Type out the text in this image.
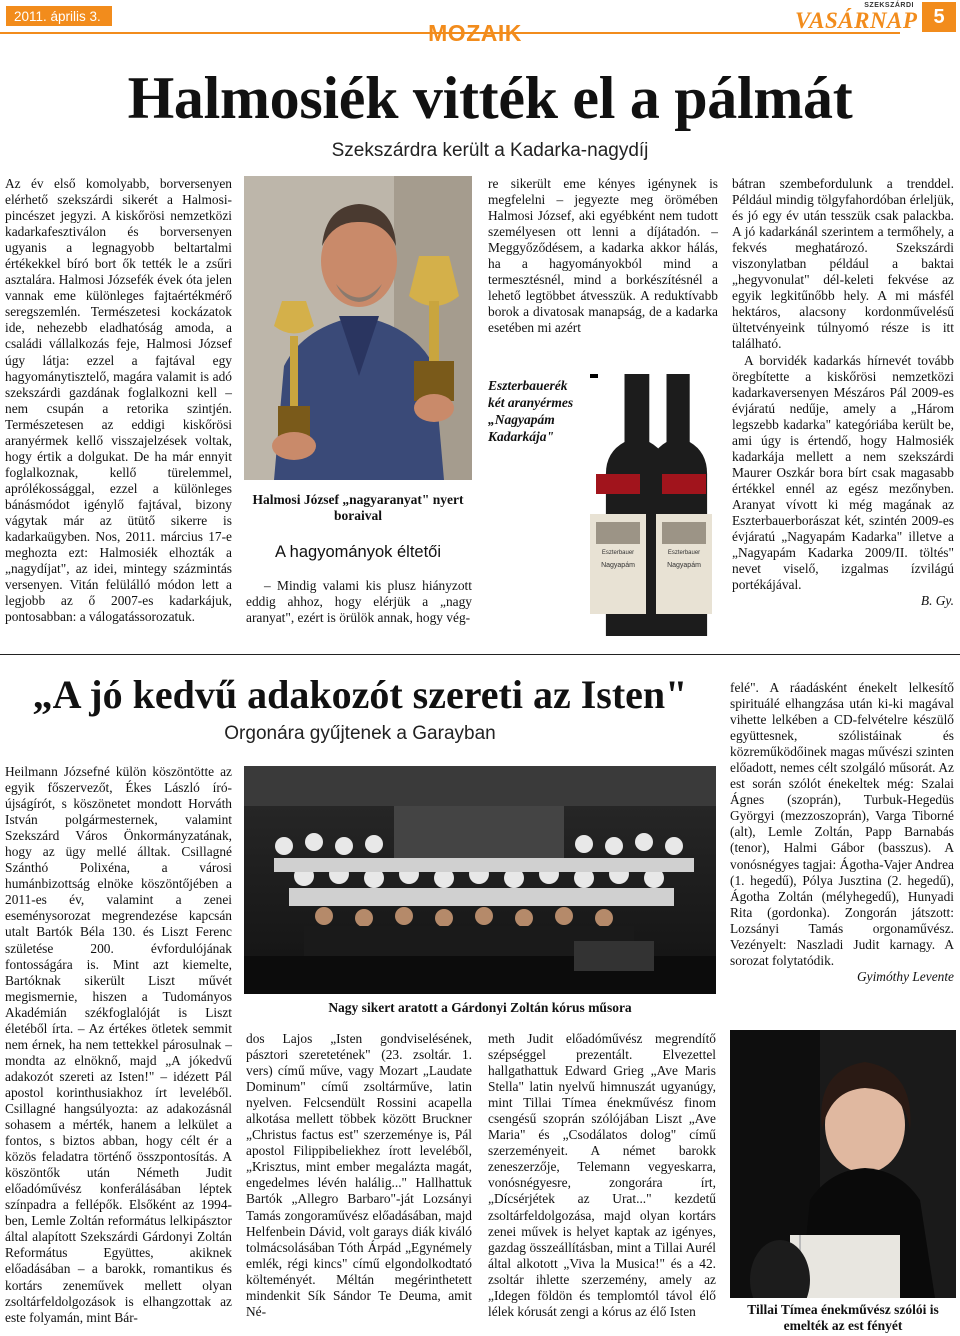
2011. április 3.
MOZAIK
SZEKSZÁRDI
VASÁRNAP 5
Halmosiék vitték el a pálmát
Szekszárdra került a Kadarka-nagydíj

Az év első komolyabb, borversenyen elérhető szekszárdi sikerét a Halmosi-pincészet jegyzi. A kiskőrösi nemzetközi kadarkafesztiválon és borversenyen ugyanis a legnagyobb beltartalmi értékekkel bíró bort ők tették le a zsűri asztalára. Halmosi Józsefék évek óta jelen vannak eme különleges fajtaértékmérő seregszemlén. Természetesi kockázatok ide, nehezebb eladhatóság amoda, a családi vállalkozás feje, Halmosi József úgy látja: ezzel a fajtával egy hagyománytisztelő, magára valamit is adó szekszárdi gazdának foglalkozni kell – nem csupán a retorika szintjén. Természetesen az eddigi kiskőrösi aranyérmek kellő visszajelzések voltak, hogy értik a dolgukat. De ha már ennyit foglalkoznak, kellő türelemmel, aprólékossággal, ezzel a különleges bánásmódot igénylő fajtával, bizony vágytak már az ütütő sikerre is kadarkaügyben. Nos, 2011. március 17-e meghozta ezt: Halmosiék elhozták a „nagydíjat", az idei, mintegy százmintás versenyen. Vitán felülálló módon lett a legjobb az ő 2007-es kadarkájuk, pontosabban: a válogatássorozatuk.

Halmosi József „nagyaranyat" nyert boraival
A hagyományok éltetői

– Mindig valami kis plusz hiányzott eddig ahhoz, hogy elérjük a „nagy aranyat", ezért is örülök annak, hogy vég-

re sikerült eme kényes igénynek is megfelelni – jegyezte meg örömében Halmosi József, aki egyébként nem tudott személyesen ott lenni a díjátadón. – Meggyőződésem, a kadarka akkor hálás, ha a hagyományokból mind a termesztésnél, mind a borkészítésnél a lehető legtöbbet átvesszük. A reduktívabb borok a divatosak manapság, de a kadarka esetében mi azért

Eszterbauerék két aranyérmes „Nagyapám Kadarkája"
Eszterbauer
Nagyapám
Eszterbauer
Nagyapám

bátran szembefordulunk a trenddel. Például mindig tölgyfahordóban érleljük, és jó egy év után tesszük csak palackba. A jó kadarkánál szerintem a termőhely, a fekvés meghatározó. Szekszárdi viszonylatban például a baktai „hegyvonulat" dél-keleti fekvése az egyik legkitűnőbb hely. A mi másfél hektáros, alacsony kordonművelésű ültetvényeink túlnyomó része is itt található.

A borvidék kadarkás hírnevét tovább öregbítette a kiskőrösi nemzetközi kadarkaversenyen Mészáros Pál 2009-es évjáratú nedűje, amely a „Három legszebb kadarka" kategóriába került be, ami úgy is értendő, hogy Halmosiék kadarkája mellett a nem szekszárdi Maurer Oszkár bora bírt csak magasabb értékkel ennél az egész mezőnyben. Aranyat vívott ki még magának az Eszterbauerborászat két, szintén 2009-es évjáratú „Nagyapám Kadarka" illetve a „Nagyapám Kadarka 2009/II. töltés" nevet viselő, izgalmas ízvilágú portékájával.

B. Gy.
„A jó kedvű adakozót szereti az Isten"
Orgonára gyűjtenek a Garayban

Heilmann Józsefné külön köszöntötte az egyik főszervezőt, Ékes László író-újságírót, s köszönetet mondott Horváth István polgármesternek, valamint Szekszárd Város Önkormányzatának, hogy az ügy mellé álltak. Csillagné Szánthó Polixéna, a városi humánbizottság elnöke köszöntőjében a 2011-es év, valamint a zenei eseménysorozat megrendezése kapcsán utalt Bartók Béla 130. és Liszt Ferenc születése 200. évfordulójának fontosságára is. Mint azt kiemelte, Bartóknak sikerült Liszt művét megismernie, hiszen a Tudományos Akadémián székfoglalóját is Liszt életéből írta. – Az értékes ötletek semmit nem érnek, ha nem tettekkel párosulnak – mondta az elnöknő, majd „A jókedvű adakozót szereti az Isten!" – idézett Pál apostol korinthusiakhoz írt leveléből. Csillagné hangsúlyozta: az adakozásnál sohasem a mérték, hanem a lelkület a fontos, s biztos abban, hogy célt ér a közös feladatra történő összpontosítás. A köszöntők után Németh Judit előadóművész konferálásában léptek színpadra a fellépők. Elsőként az 1994-ben, Lemle Zoltán református lelkipásztor által alapított Szekszárdi Gárdonyi Zoltán Református Együttes, akiknek előadásában – a barokk, romantikus és kortárs zeneművek mellett olyan zsoltárfeldolgozások is elhangzottak az este folyamán, mint Bár-

Nagy sikert aratott a Gárdonyi Zoltán kórus műsora

dos Lajos „Isten gondviselésének, pásztori szeretetének" (23. zsoltár. 1. vers) című műve, vagy Mozart „Laudate Dominum" című zsoltárműve, latin nyelven. Felcsendült Rossini acapella alkotása mellett többek között Bruckner „Christus factus est" szerzeménye is, Pál apostol Filippibeliekhez írott leveléből, „Krisztus, mint ember megalázta magát, engedelmes lévén halálig..." Hallhattuk Bartók „Allegro Barbaro"-ját Lozsányi Tamás zongoraművész előadásában, majd Helfenbein Dávid, volt garays diák kiváló tolmácsolásában Tóth Árpád „Egynémely emlék, régi kincs" című elgondolkodtató költeményét. Méltán megérinthetett mindenkit Sík Sándor Te Deuma, amit Né-

meth Judit előadóművész megrendítő szépséggel prezentált. Elvezettel hallgathattuk Edward Grieg „Ave Maris Stella" latin nyelvű himnuszát ugyanúgy, mint Tillai Tímea énekművész finom csengésű szoprán szólójában Liszt „Ave Maria" és „Csodálatos dolog" című szerzeményeit. A német barokk zeneszerzője, Telemann vegyeskarra, vonósnégyesre, zongorára írt, „Dícsérjétek az Urat..." kezdetű zsoltárfeldolgozása, majd olyan kortárs zenei művek is helyet kaptak az igényes, gazdag összeállításban, mint a Tillai Aurél által alkotott „Viva la Musica!" és a 42. zsoltár ihlette szerzemény, amely az „Idegen földön és templomtól távol élő lélek kórusát zengi a kórus az élő Isten

felé". A ráadásként énekelt lelkesítő spirituálé elhangzása után ki-ki magával vihette lelkében a CD-felvételre készülő együttesnek, szólistáinak és közreműködőinek magas művészi szinten előadott, nemes célt szolgáló műsorát. Az est során szólót énekeltek még: Szalai Ágnes (szoprán), Turbuk-Hegedüs Györgyi (mezzoszoprán), Varga Tiborné (alt), Lemle Zoltán, Papp Barnabás (tenor), Halmi Gábor (basszus). A vonósnégyes tagjai: Ágotha-Vajer Andrea (1. hegedű), Pólya Jusztina (2. hegedű), Ágotha Zoltán (mélyhegedű), Hunyadi Rita (gordonka). Zongorán játszott: Lozsányi Tamás orgonaművész. Vezényelt: Naszladi Judit karnagy. A sorozat folytatódik.

Gyimóthy Levente
Tillai Tímea énekművész szólói is emelték az est fényét
